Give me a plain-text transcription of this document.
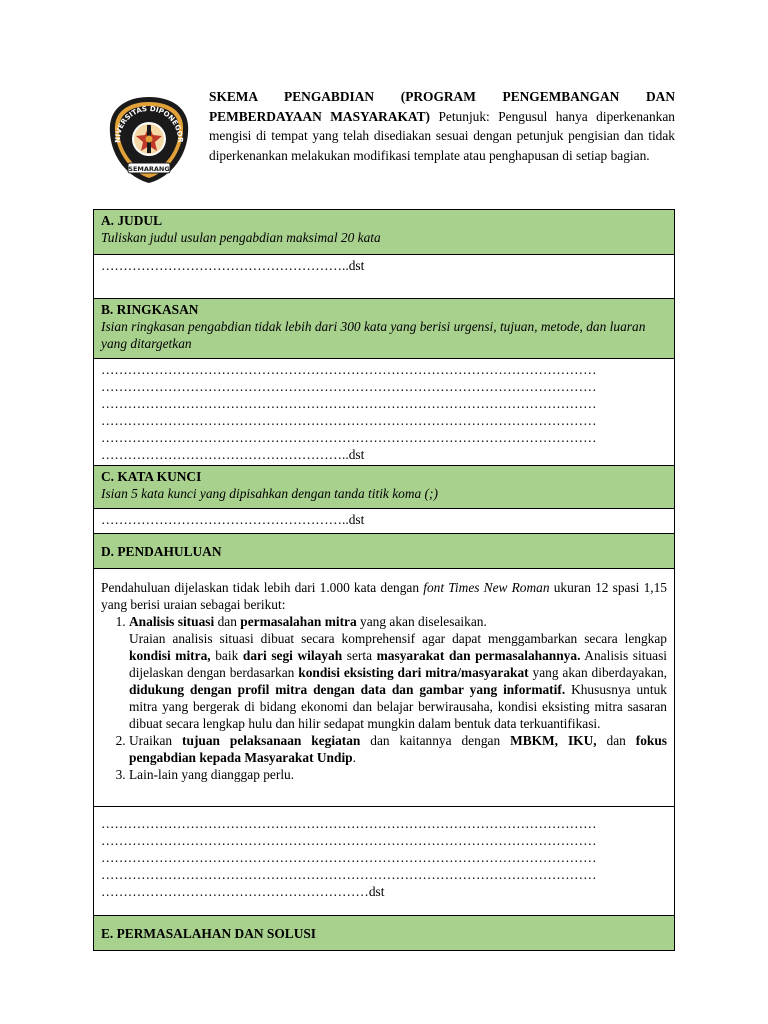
NIVERSITAS DIPONEGOR
SEMARANG
SKEMA PENGABDIAN (PROGRAM PENGEMBANGAN DAN PEMBERDAYAAN MASYARAKAT) Petunjuk: Pengusul hanya diperkenankan mengisi di tempat yang telah disediakan sesuai dengan petunjuk pengisian dan tidak diperkenankan melakukan modifikasi template atau penghapusan di setiap bagian.
A. JUDUL
Tuliskan judul usulan pengabdian maksimal 20 kata

………………………………………………..dst

B. RINGKASAN
Isian ringkasan pengabdian tidak lebih dari 300 kata yang berisi urgensi, tujuan, metode, dan luaran yang ditargetkan

…………………………………………………………………………………………………
…………………………………………………………………………………………………
…………………………………………………………………………………………………
…………………………………………………………………………………………………
…………………………………………………………………………………………………
………………………………………………..dst

C. KATA KUNCI
Isian 5 kata kunci yang dipisahkan dengan tanda titik koma (;)

………………………………………………..dst

D. PENDAHULUAN

Pendahuluan dijelaskan tidak lebih dari 1.000 kata dengan font Times New Roman ukuran 12 spasi 1,15 yang berisi uraian sebagai berikut:
1. Analisis situasi dan permasalahan mitra yang akan diselesaikan.

Uraian analisis situasi dibuat secara komprehensif agar dapat menggambarkan secara lengkap kondisi mitra, baik dari segi wilayah serta masyarakat dan permasalahannya. Analisis situasi dijelaskan dengan berdasarkan kondisi eksisting dari mitra/masyarakat yang akan diberdayakan, didukung dengan profil mitra dengan data dan gambar yang informatif. Khususnya untuk mitra yang bergerak di bidang ekonomi dan belajar berwirausaha, kondisi eksisting mitra sasaran dibuat secara lengkap hulu dan hilir sedapat mungkin dalam bentuk data terkuantifikasi.

2. Uraikan tujuan pelaksanaan kegiatan dan kaitannya dengan MBKM, IKU, dan fokus pengabdian kepada Masyarakat Undip.
3. Lain-lain yang dianggap perlu.

…………………………………………………………………………………………………
…………………………………………………………………………………………………
…………………………………………………………………………………………………
…………………………………………………………………………………………………
……………………………………………………dst

E. PERMASALAHAN DAN SOLUSI
